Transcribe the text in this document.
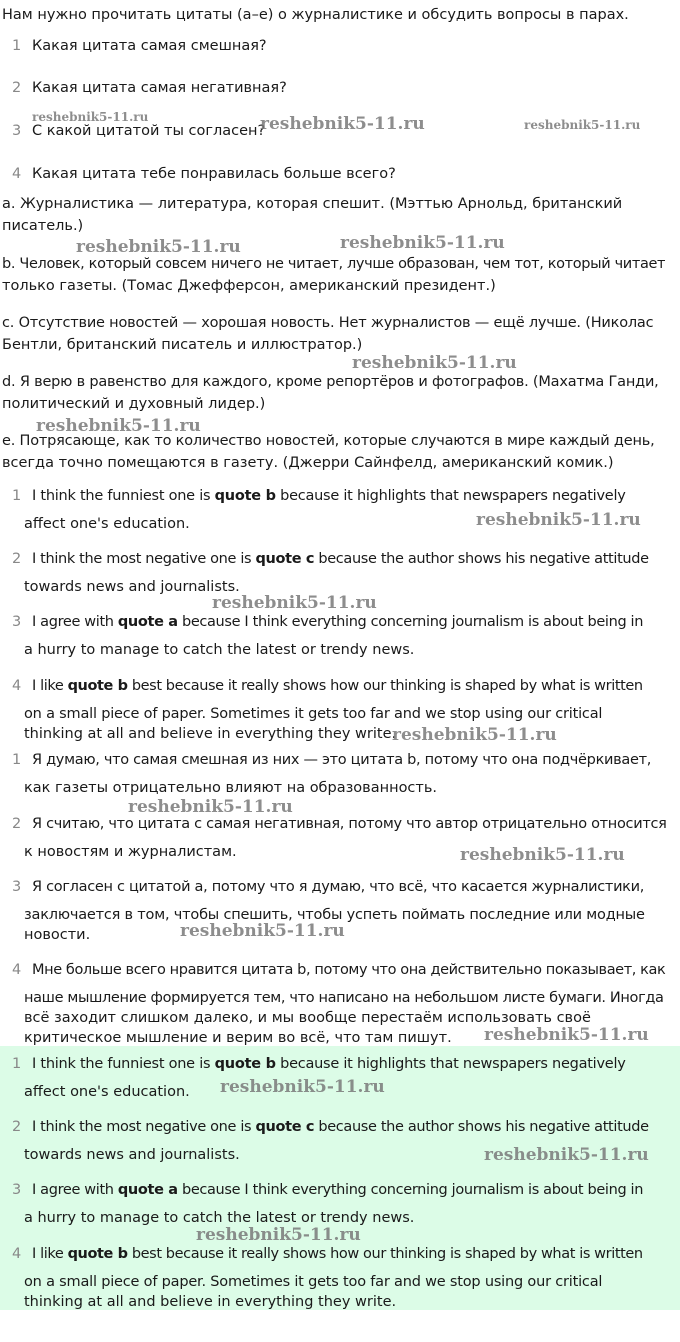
Нам нужно прочитать цитаты (a–e) о журналистике и обсудить вопросы в парах.
1 Какая цитата самая смешная?
2 Какая цитата самая негативная?
3 С какой цитатой ты согласен?
4 Какая цитата тебе понравилась больше всего?
a. Журналистика — литература, которая спешит. (Мэттью Арнольд, британский
писатель.)
b. Человек, который совсем ничего не читает, лучше образован, чем тот, который читает
только газеты. (Томас Джефферсон, американский президент.)
c. Отсутствие новостей — хорошая новость. Нет журналистов — ещё лучше. (Николас
Бентли, британский писатель и иллюстратор.)
d. Я верю в равенство для каждого, кроме репортёров и фотографов. (Махатма Ганди,
политический и духовный лидер.)
e. Потрясающе, как то количество новостей, которые случаются в мире каждый день,
всегда точно помещаются в газету. (Джерри Сайнфелд, американский комик.)
1 I think the funniest one is quote b because it highlights that newspapers negatively
affect one's education.
2 I think the most negative one is quote c because the author shows his negative attitude
towards news and journalists.
3 I agree with quote a because I think everything concerning journalism is about being in
a hurry to manage to catch the latest or trendy news.
4 I like quote b best because it really shows how our thinking is shaped by what is written
on a small piece of paper. Sometimes it gets too far and we stop using our critical
thinking at all and believe in everything they write.
1 Я думаю, что самая смешная из них — это цитата b, потому что она подчёркивает,
как газеты отрицательно влияют на образованность.
2 Я считаю, что цитата c самая негативная, потому что автор отрицательно относится
к новостям и журналистам.
3 Я согласен с цитатой a, потому что я думаю, что всё, что касается журналистики,
заключается в том, чтобы спешить, чтобы успеть поймать последние или модные
новости.
4 Мне больше всего нравится цитата b, потому что она действительно показывает, как
наше мышление формируется тем, что написано на небольшом листе бумаги. Иногда
всё заходит слишком далеко, и мы вообще перестаём использовать своё
критическое мышление и верим во всё, что там пишут.
1 I think the funniest one is quote b because it highlights that newspapers negatively
affect one's education.
2 I think the most negative one is quote c because the author shows his negative attitude
towards news and journalists.
3 I agree with quote a because I think everything concerning journalism is about being in
a hurry to manage to catch the latest or trendy news.
4 I like quote b best because it really shows how our thinking is shaped by what is written
on a small piece of paper. Sometimes it gets too far and we stop using our critical
thinking at all and believe in everything they write.
reshebnik5-11.ru	reshebnik5-11.ru	reshebnik5-11.ru
reshebnik5-11.ru	reshebnik5-11.ru
reshebnik5-11.ru
reshebnik5-11.ru
reshebnik5-11.ru
reshebnik5-11.ru
reshebnik5-11.ru
reshebnik5-11.ru
reshebnik5-11.ru
reshebnik5-11.ru
reshebnik5-11.ru
reshebnik5-11.ru
reshebnik5-11.ru
reshebnik5-11.ru
